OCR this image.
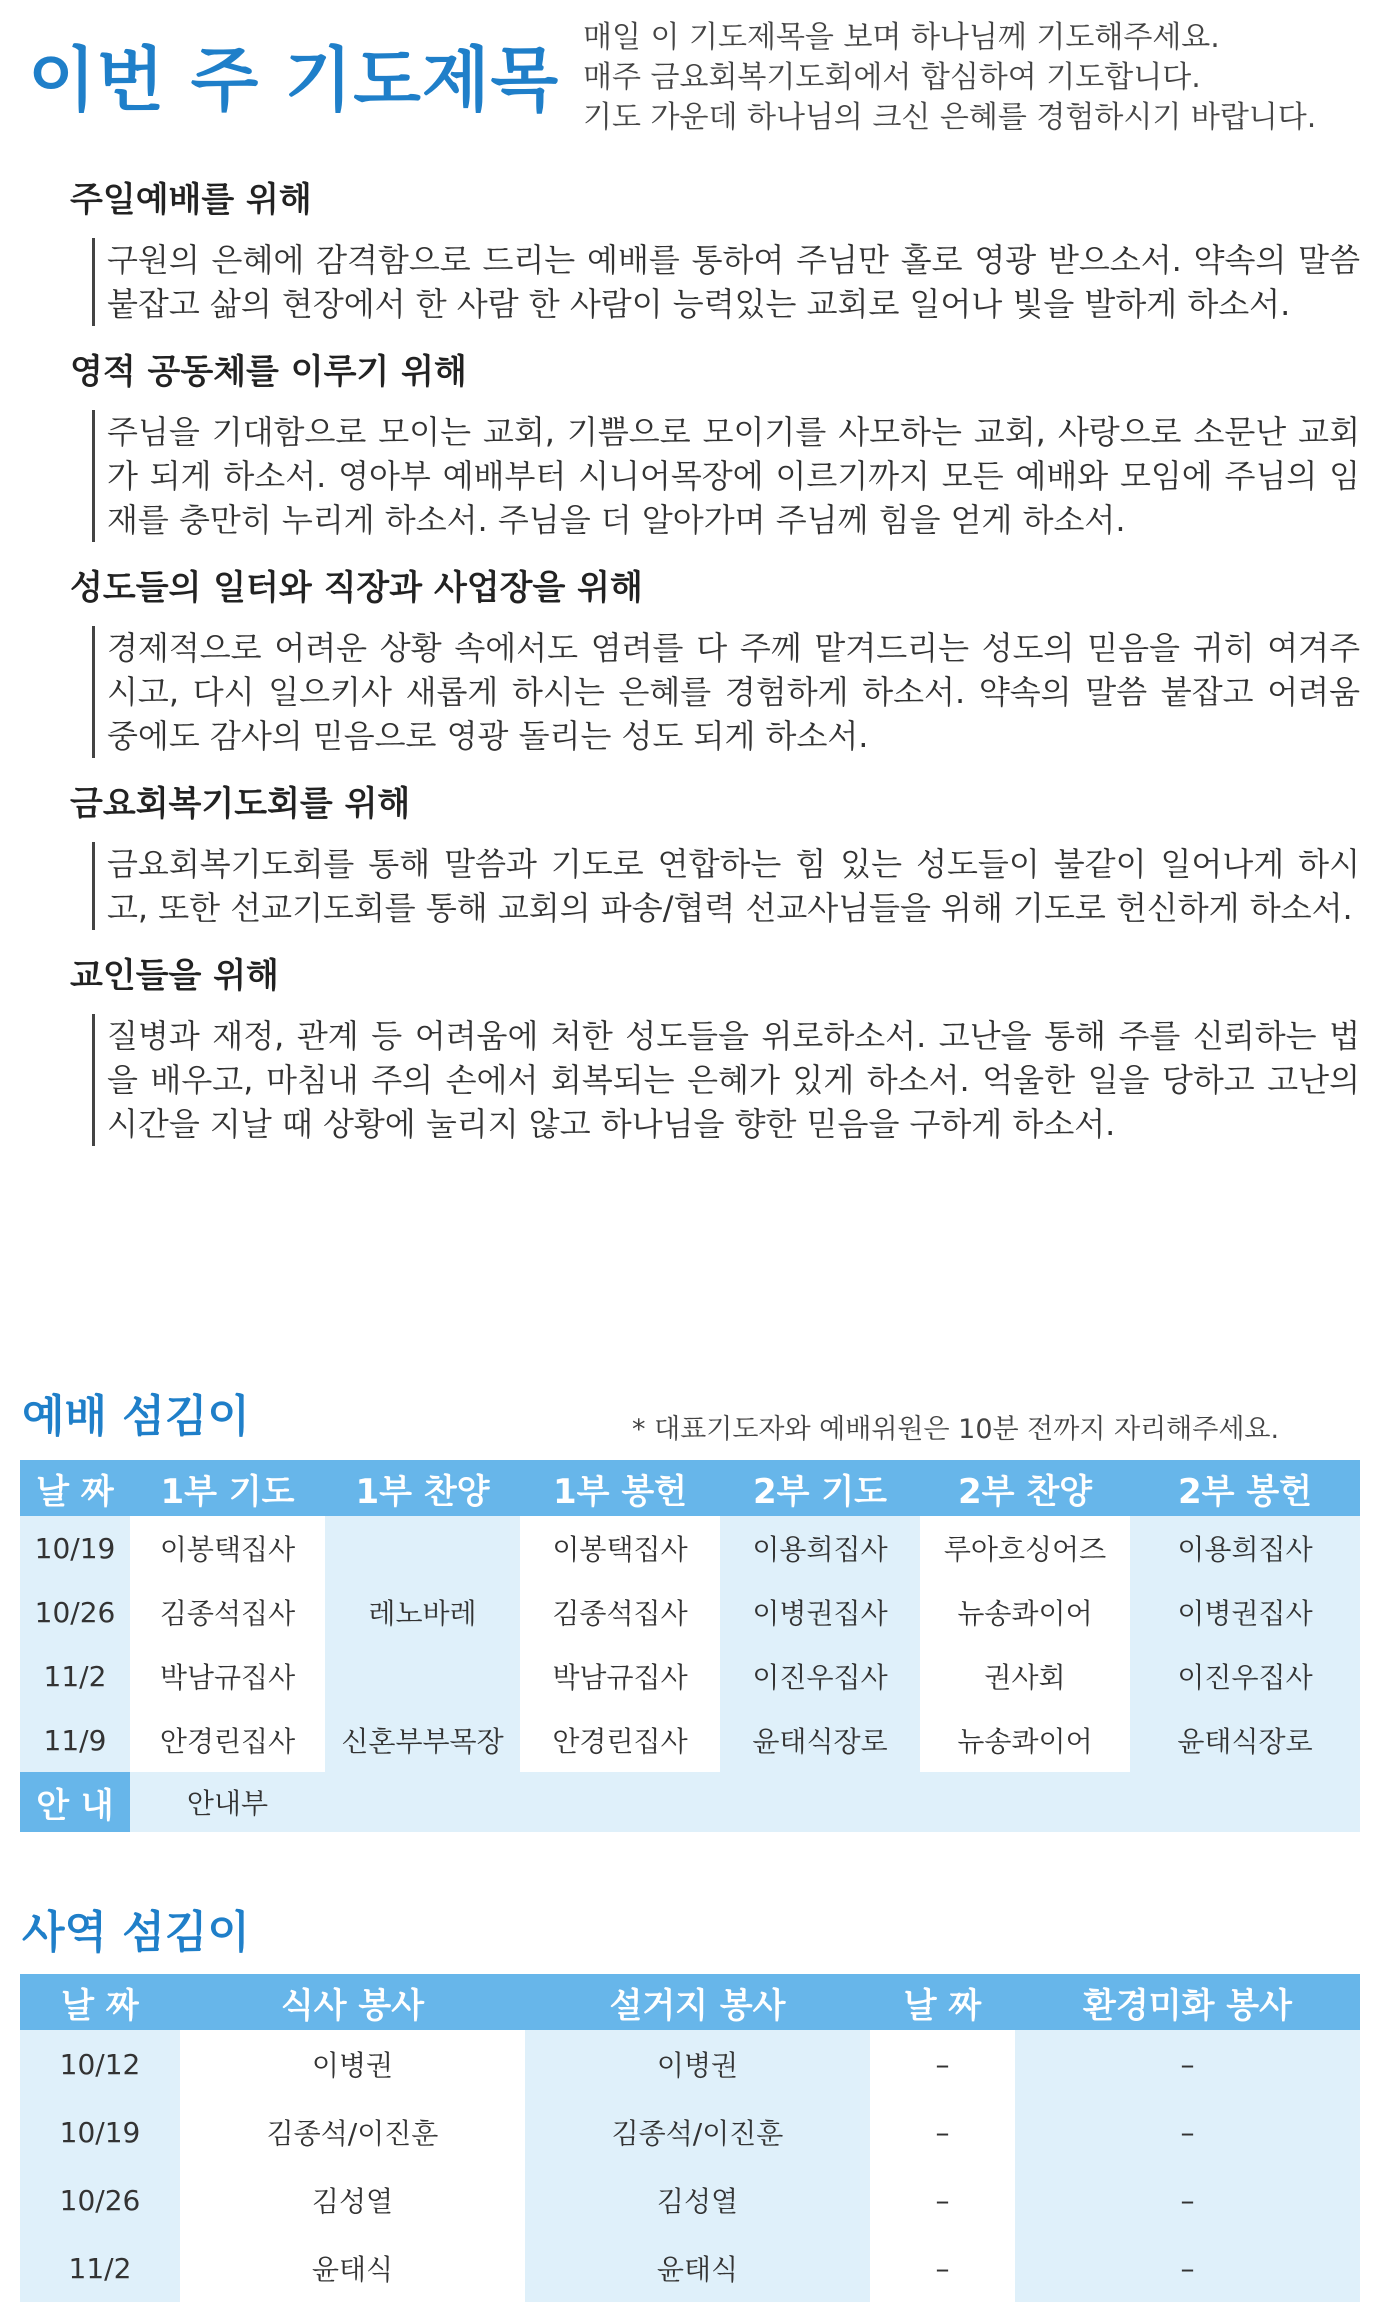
이번 주 기도제목
매일 이 기도제목을 보며 하나님께 기도해주세요.
매주 금요회복기도회에서 합심하여 기도합니다.
기도 가운데 하나님의 크신 은혜를 경험하시기 바랍니다.
주일예배를 위해
구원의 은혜에 감격함으로 드리는 예배를 통하여 주님만 홀로 영광 받으소서. 약속의 말씀 붙잡고 삶의 현장에서 한 사람 한 사람이 능력있는 교회로 일어나 빛을 발하게 하소서.
영적 공동체를 이루기 위해
주님을 기대함으로 모이는 교회, 기쁨으로 모이기를 사모하는 교회, 사랑으로 소문난 교회가 되게 하소서. 영아부 예배부터 시니어목장에 이르기까지 모든 예배와 모임에 주님의 임재를 충만히 누리게 하소서. 주님을 더 알아가며 주님께 힘을 얻게 하소서.
성도들의 일터와 직장과 사업장을 위해
경제적으로 어려운 상황 속에서도 염려를 다 주께 맡겨드리는 성도의 믿음을 귀히 여겨주시고, 다시 일으키사 새롭게 하시는 은혜를 경험하게 하소서. 약속의 말씀 붙잡고 어려움 중에도 감사의 믿음으로 영광 돌리는 성도 되게 하소서.
금요회복기도회를 위해
금요회복기도회를 통해 말씀과 기도로 연합하는 힘 있는 성도들이 불같이 일어나게 하시고, 또한 선교기도회를 통해 교회의 파송/협력 선교사님들을 위해 기도로 헌신하게 하소서.
교인들을 위해
질병과 재정, 관계 등 어려움에 처한 성도들을 위로하소서. 고난을 통해 주를 신뢰하는 법을 배우고, 마침내 주의 손에서 회복되는 은혜가 있게 하소서. 억울한 일을 당하고 고난의 시간을 지날 때 상황에 눌리지 않고 하나님을 향한 믿음을 구하게 하소서.
예배 섬김이	* 대표기도자와 예배위원은 10분 전까지 자리해주세요.
날 짜	1부 기도	1부 찬양	1부 봉헌	2부 기도	2부 찬양	2부 봉헌
10/19	이봉택집사		이봉택집사	이용희집사	루아흐싱어즈	이용희집사
10/26	김종석집사	레노바레	김종석집사	이병권집사	뉴송콰이어	이병권집사
11/2	박남규집사		박남규집사	이진우집사	권사회	이진우집사
11/9	안경린집사	신혼부부목장	안경린집사	윤태식장로	뉴송콰이어	윤태식장로
안 내	안내부					
사역 섬김이
날 짜	식사 봉사	설거지 봉사	날 짜	환경미화 봉사
10/12	이병권	이병권	–	–
10/19	김종석/이진훈	김종석/이진훈	–	–
10/26	김성열	김성열	–	–
11/2	윤태식	윤태식	–	–
